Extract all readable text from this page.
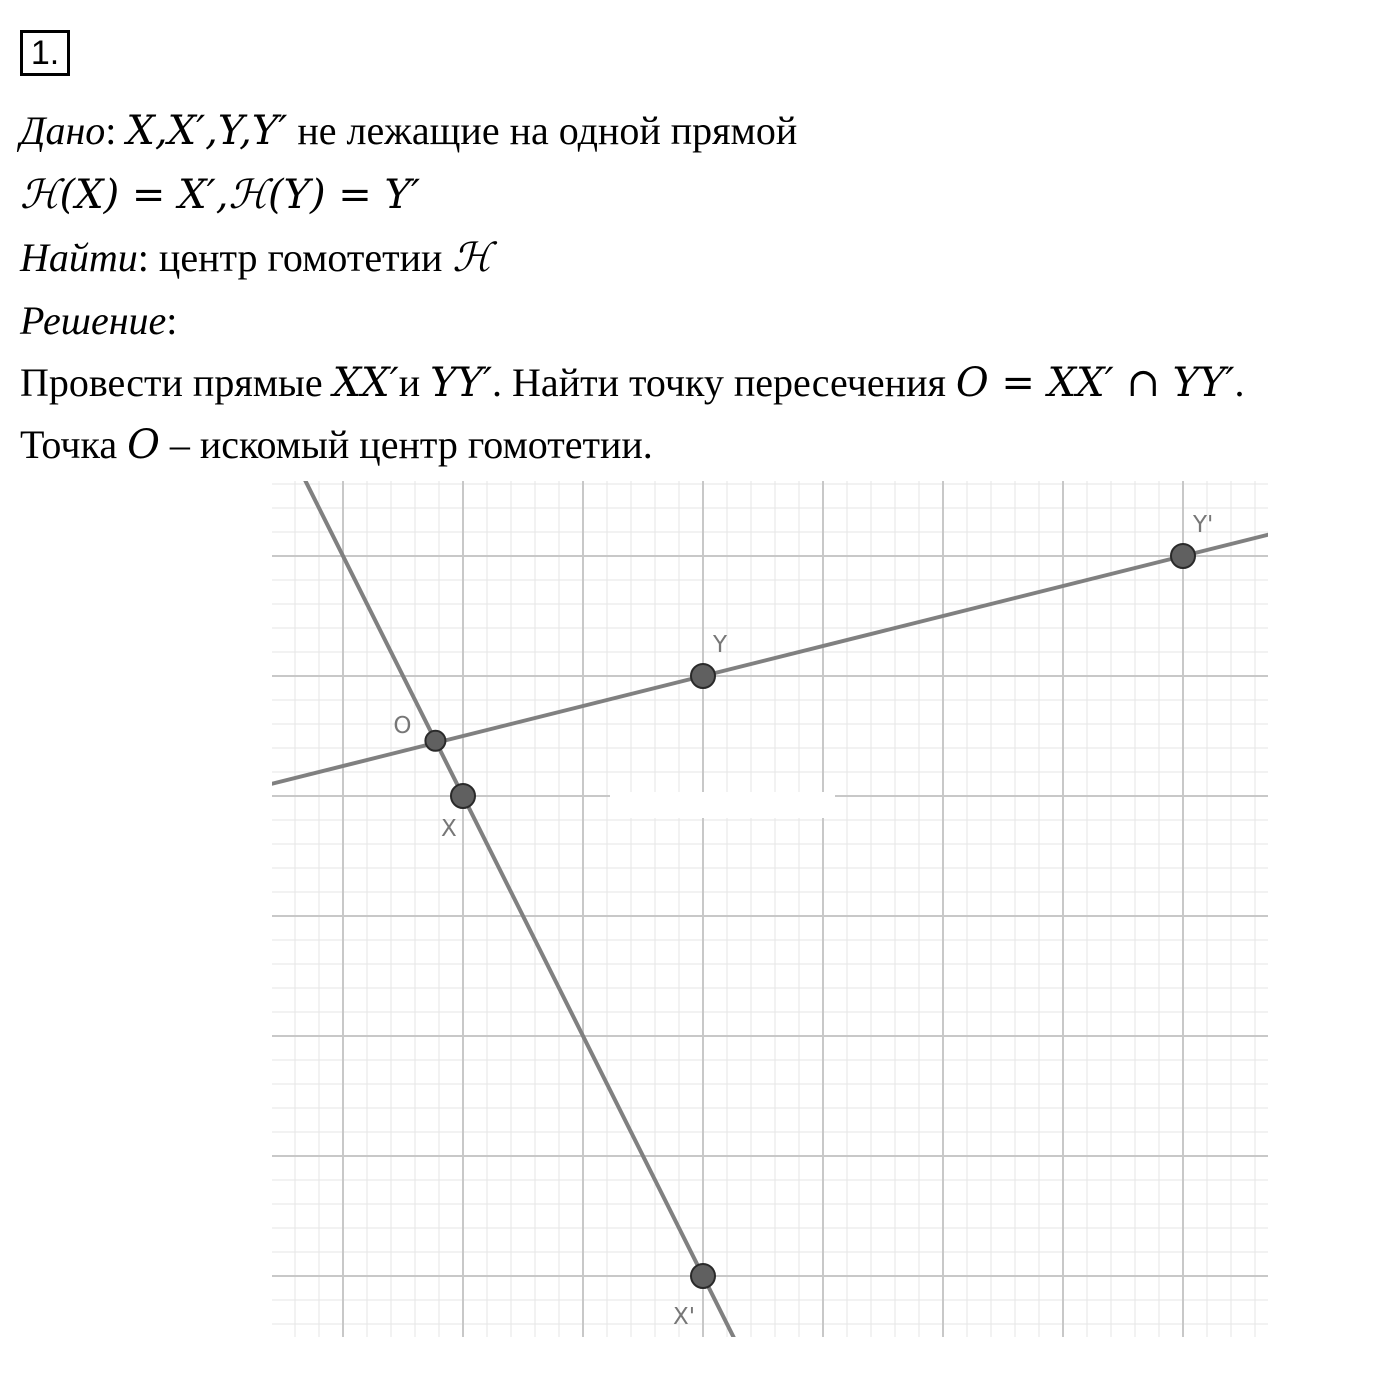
1.
Дано: X,X′,Y,Y′ не лежащие на одной прямой
ℋ(X) = X′,ℋ(Y) = Y′
Найти: центр гомотетии ℋ
Решение:
Провести прямые XX′и YY′. Найти точку пересечения O = XX′ ∩ YY′.
Точка O – искомый центр гомотетии.
O
X
Y
X'
Y'
